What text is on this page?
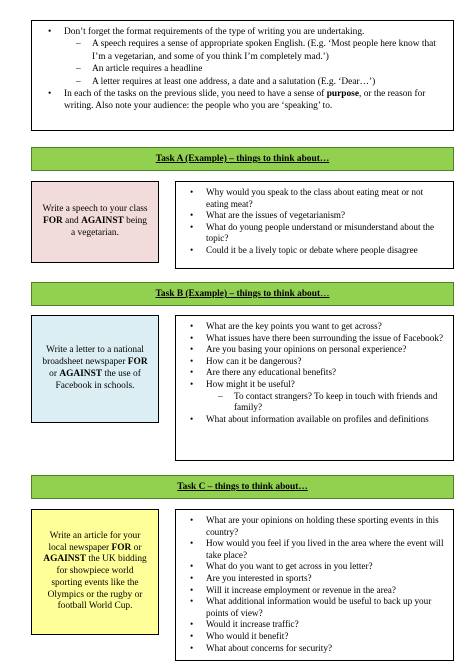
• Don’t forget the format requirements of the type of writing you are undertaking.
– A speech requires a sense of appropriate spoken English. (E.g. ‘Most people here know that I’m a vegetarian, and some of you think I’m completely mad.’)
– An article requires a headline
– A letter requires at least one address, a date and a salutation (E.g. ‘Dear…’)
• In each of the tasks on the previous slide, you need to have a sense of purpose, or the reason for writing. Also note your audience: the people who you are ‘speaking’ to.
Task A (Example) – things to think about…
Write a speech to your class FOR and AGAINST being a vegetarian.
• Why would you speak to the class about eating meat or not eating meat?
• What are the issues of vegetarianism?
• What do young people understand or misunderstand about the topic?
• Could it be a lively topic or debate where people disagree
Task B (Example) – things to think about…
Write a letter to a national broadsheet newspaper FOR or AGAINST the use of Facebook in schools.
• What are the key points you want to get across?
• What issues have there been surrounding the issue of Facebook?
• Are you basing your opinions on personal experience?
• How can it be dangerous?
• Are there any educational benefits?
• How might it be useful?
– To contact strangers? To keep in touch with friends and family?
• What about information available on profiles and definitions
Task C – things to think about…
Write an article for your local newspaper FOR or AGAINST the UK bidding for showpiece world sporting events like the Olympics or the rugby or football World Cup.
• What are your opinions on holding these sporting events in this country?
• How would you feel if you lived in the area where the event will take place?
• What do you want to get across in you letter?
• Are you interested in sports?
• Will it increase employment or revenue in the area?
• What additional information would be useful to back up your points of view?
• Would it increase traffic?
• Who would it benefit?
• What about concerns for security?
